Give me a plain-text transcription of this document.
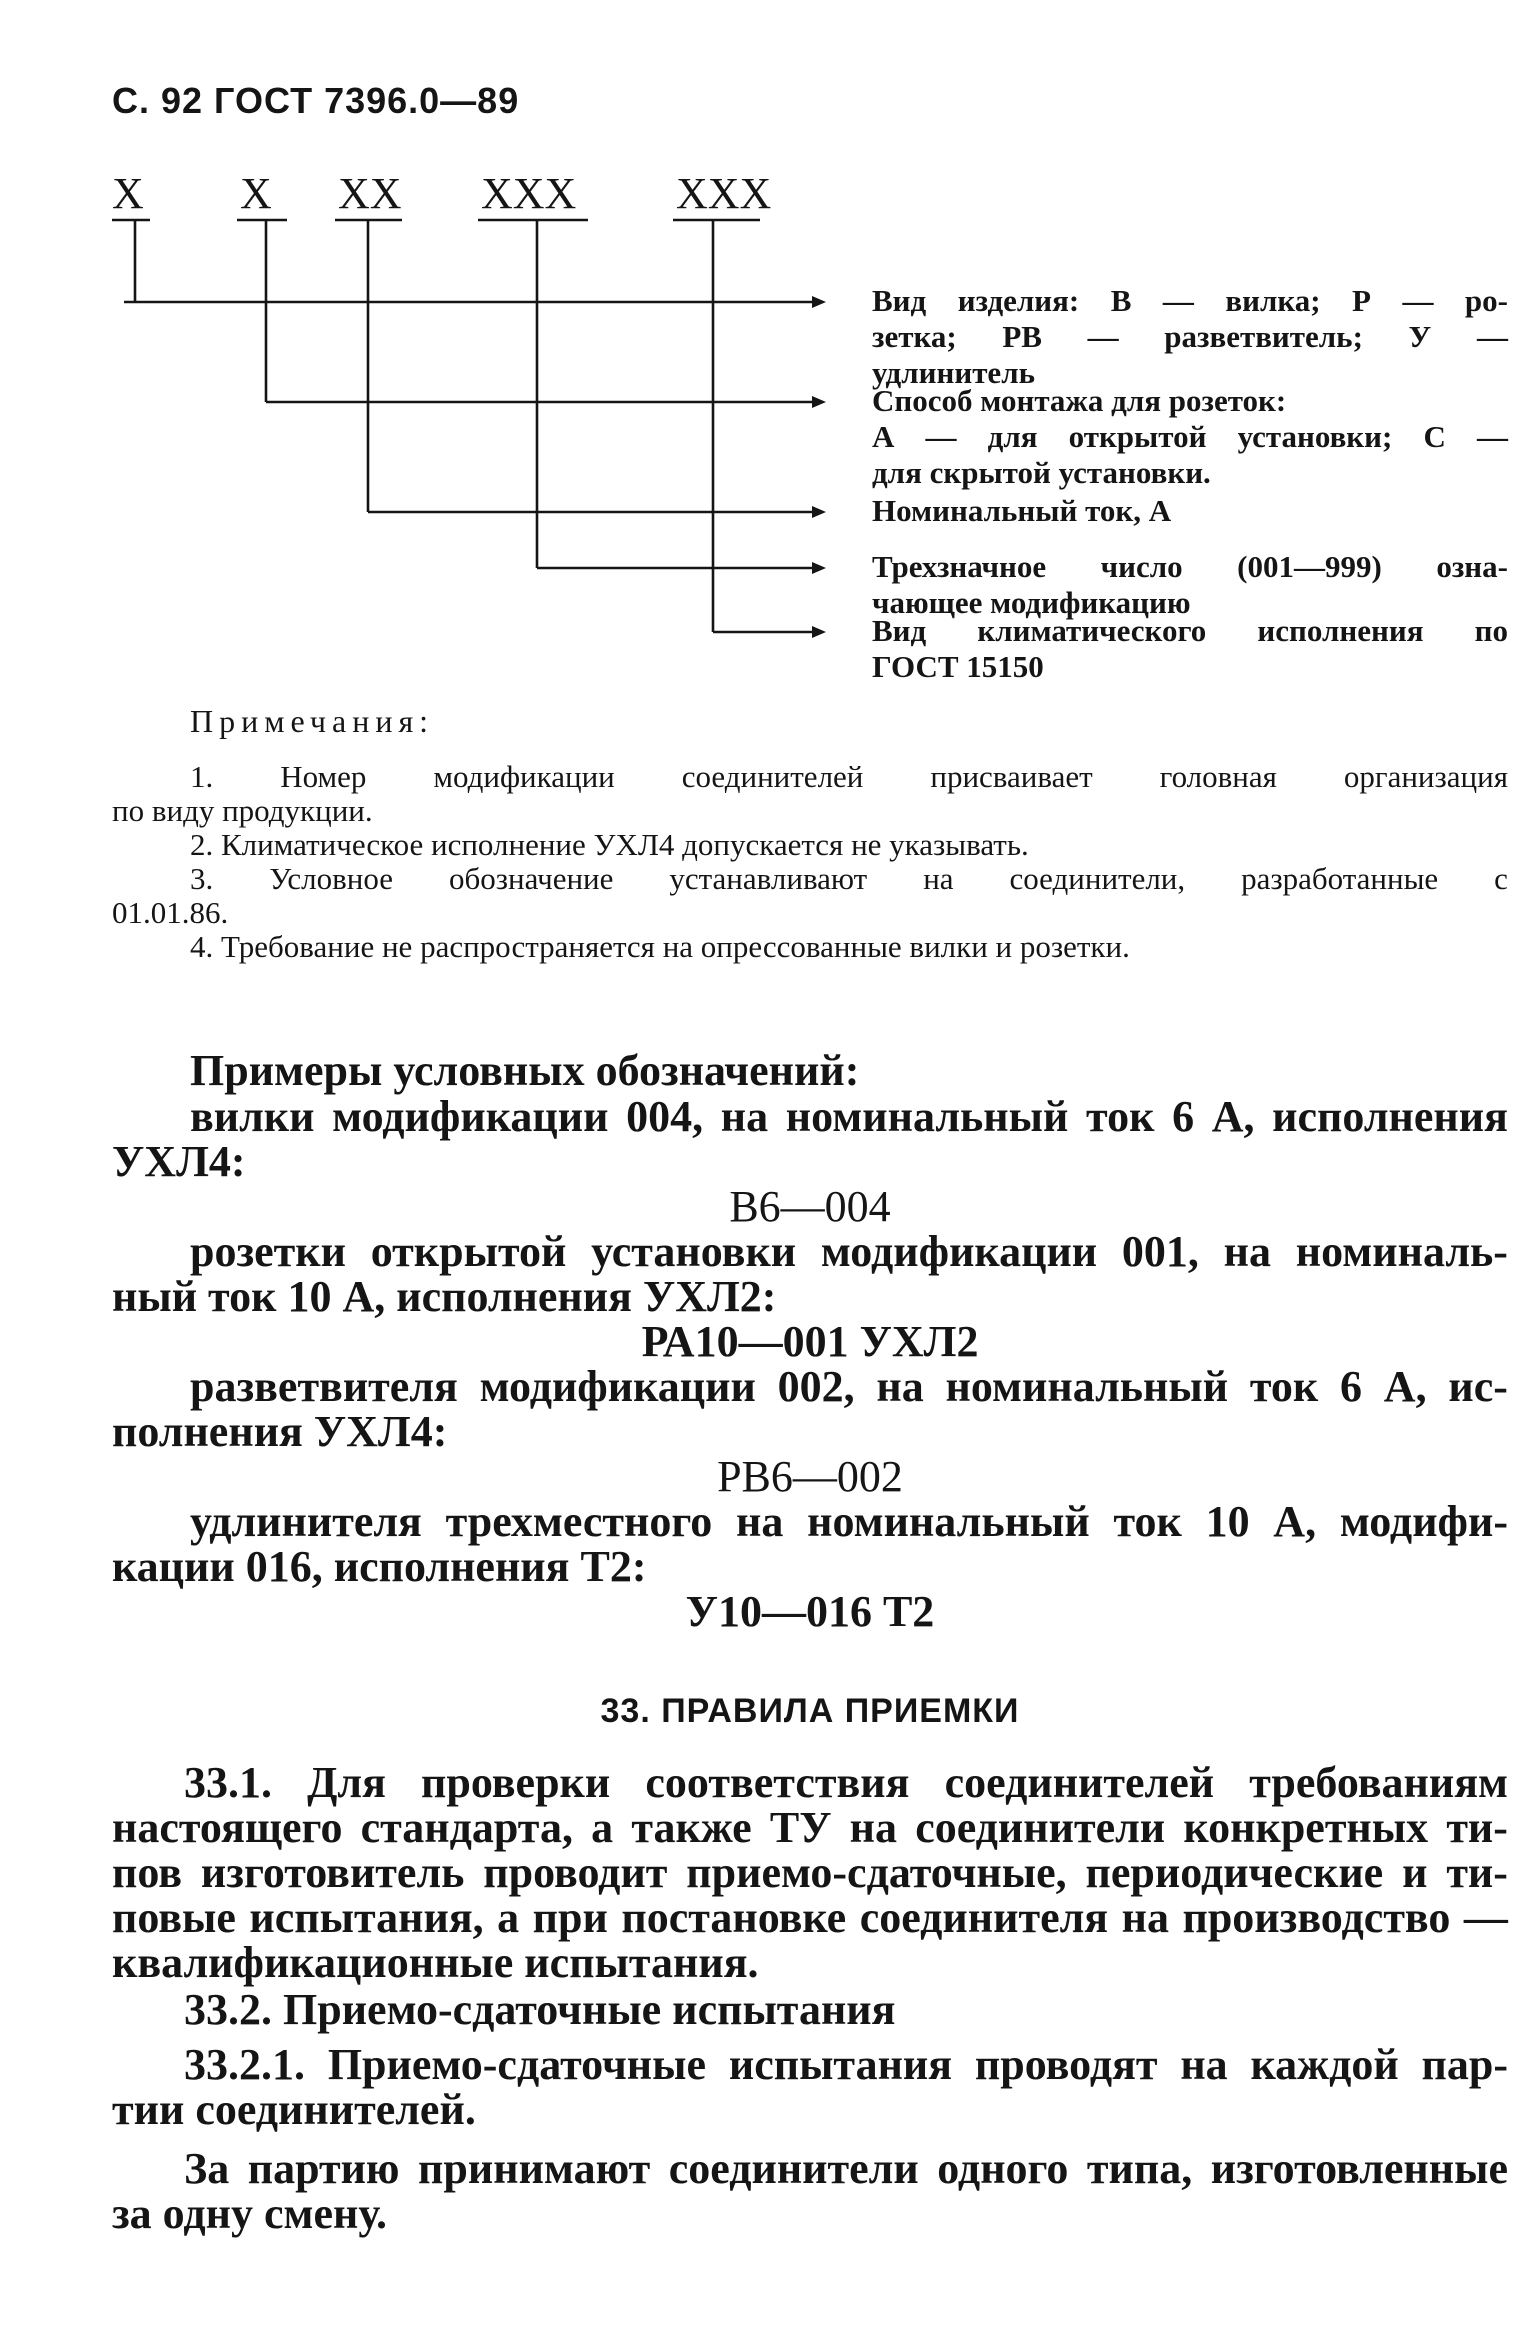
С. 92 ГОСТ 7396.0—89
X X XX XXX XXX
Вид изделия: В — вилка; Р — ро-
зетка; РВ — разветвитель; У —
удлинитель
Способ монтажа для розеток:
А — для открытой установки; С —
для скрытой установки.
Номинальный ток, А
Трехзначное число (001—999) озна-
чающее модификацию
Вид климатического исполнения по
ГОСТ 15150
Примечания:
1. Номер модификации соединителей присваивает головная организация
по виду продукции.
2. Климатическое исполнение УХЛ4 допускается не указывать.
3. Условное обозначение устанавливают на соединители, разработанные с
01.01.86.
4. Требование не распространяется на опрессованные вилки и розетки.
Примеры условных обозначений:
вилки модификации 004, на номинальный ток 6 А, исполнения
УХЛ4:
В6—004
розетки открытой установки модификации 001, на номиналь-
ный ток 10 А, исполнения УХЛ2:
РА10—001 УХЛ2
разветвителя модификации 002, на номинальный ток 6 А, ис-
полнения УХЛ4:
РВ6—002
удлинителя трехместного на номинальный ток 10 А, модифи-
кации 016, исполнения Т2:
У10—016 Т2
33. ПРАВИЛА ПРИЕМКИ
33.1. Для проверки соответствия соединителей требованиям
настоящего стандарта, а также ТУ на соединители конкретных ти-
пов изготовитель проводит приемо-сдаточные, периодические и ти-
повые испытания, а при постановке соединителя на производство —
квалификационные испытания.
33.2. Приемо-сдаточные испытания
33.2.1. Приемо-сдаточные испытания проводят на каждой пар-
тии соединителей.
За партию принимают соединители одного типа, изготовленные
за одну смену.
